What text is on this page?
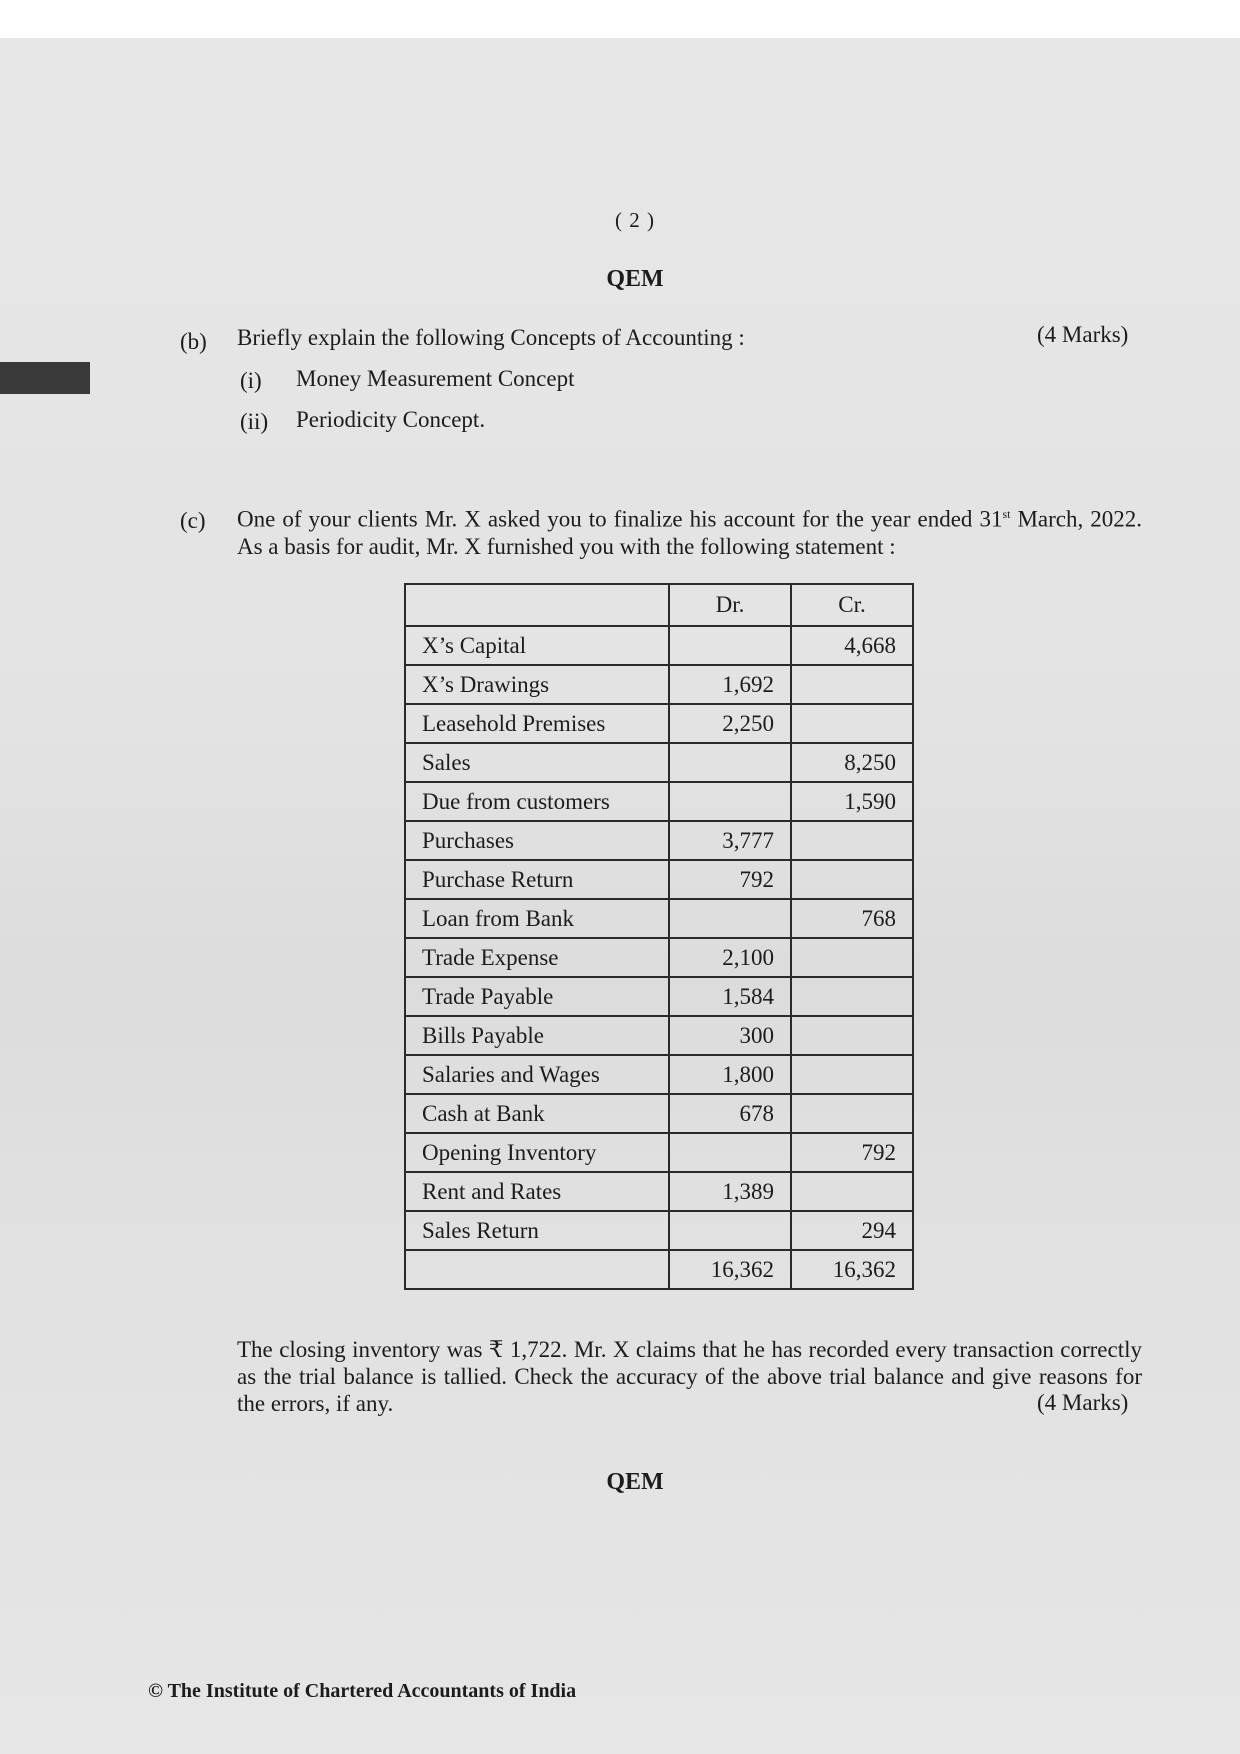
( 2 )
QEM
(b) Briefly explain the following Concepts of Accounting :	(4 Marks)
(i) Money Measurement Concept
(ii) Periodicity Concept.
(c) One of your clients Mr. X asked you to finalize his account for the year ended 31st March, 2022. As a basis for audit, Mr. X furnished you with the following statement :
	Dr.	Cr.
X’s Capital		4,668
X’s Drawings	1,692	
Leasehold Premises	2,250	
Sales		8,250
Due from customers		1,590
Purchases	3,777	
Purchase Return	792	
Loan from Bank		768
Trade Expense	2,100	
Trade Payable	1,584	
Bills Payable	300	
Salaries and Wages	1,800	
Cash at Bank	678	
Opening Inventory		792
Rent and Rates	1,389	
Sales Return		294
	16,362	16,362
The closing inventory was ₹ 1,722. Mr. X claims that he has recorded every transaction correctly as the trial balance is tallied. Check the accuracy of the above trial balance and give reasons for the errors, if any.	(4 Marks)
QEM
© The Institute of Chartered Accountants of India
